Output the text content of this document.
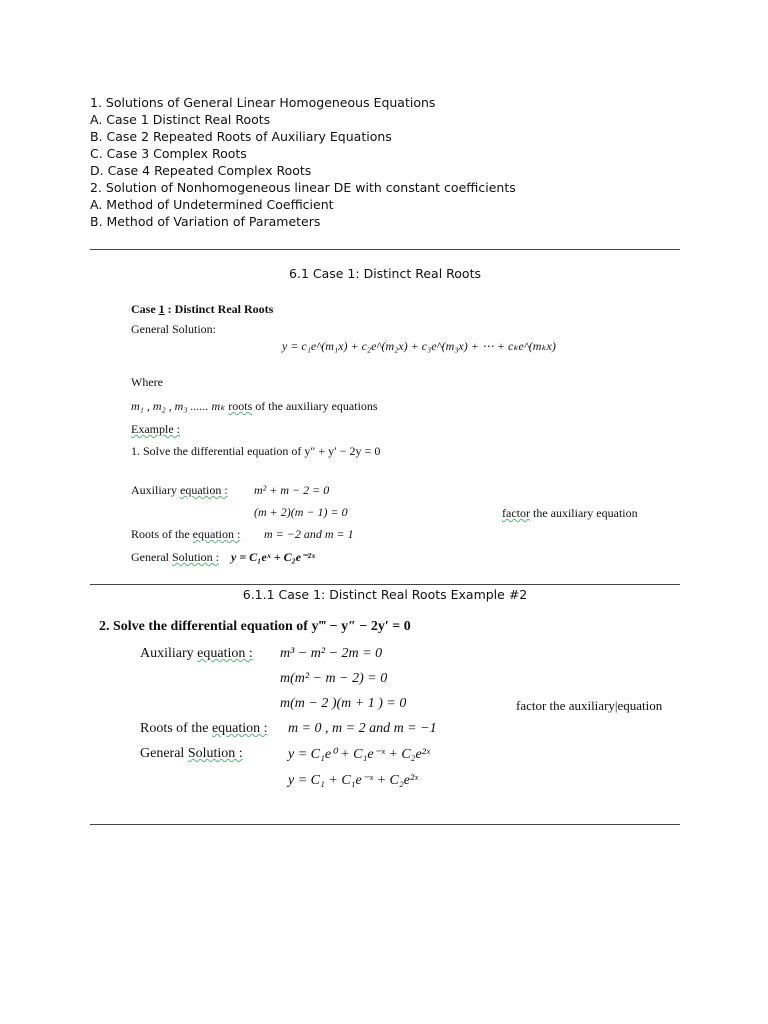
1. Solutions of General Linear Homogeneous Equations
A. Case 1 Distinct Real Roots
B. Case 2 Repeated Roots of Auxiliary Equations
C. Case 3 Complex Roots
D. Case 4 Repeated Complex Roots
2. Solution of Nonhomogeneous linear DE with constant coefficients
A. Method of Undetermined Coefficient
B. Method of Variation of Parameters
6.1 Case 1: Distinct Real Roots
Case 1 : Distinct Real Roots
General Solution:
y = c₁e^(m₁x) + c₂e^(m₂x) + c₃e^(m₃x) + ⋯ + cₖe^(mₖx)
Where
m₁ , m₂ , m₃ ...... mₖ roots of the auxiliary equations
Example :
1. Solve the differential equation of y″ + y′ − 2y = 0
Auxiliary equation : m² + m − 2 = 0
(m + 2)(m − 1) = 0	factor the auxiliary equation
Roots of the equation : m = −2 and m = 1
General Solution : y = C₁eˣ + C₂e⁻²ˣ
6.1.1 Case 1: Distinct Real Roots Example #2
2. Solve the differential equation of y‴ − y″ − 2y′ = 0
Auxiliary equation : m³ − m² − 2m = 0
m(m² − m − 2) = 0
m(m − 2 )(m + 1 ) = 0	factor the auxiliary|equation
Roots of the equation : m = 0 , m = 2 and m = −1
General Solution :	y = C₁e⁰ + C₁e⁻ˣ + C₂e²ˣ
y = C₁ + C₁e⁻ˣ + C₂e²ˣ
